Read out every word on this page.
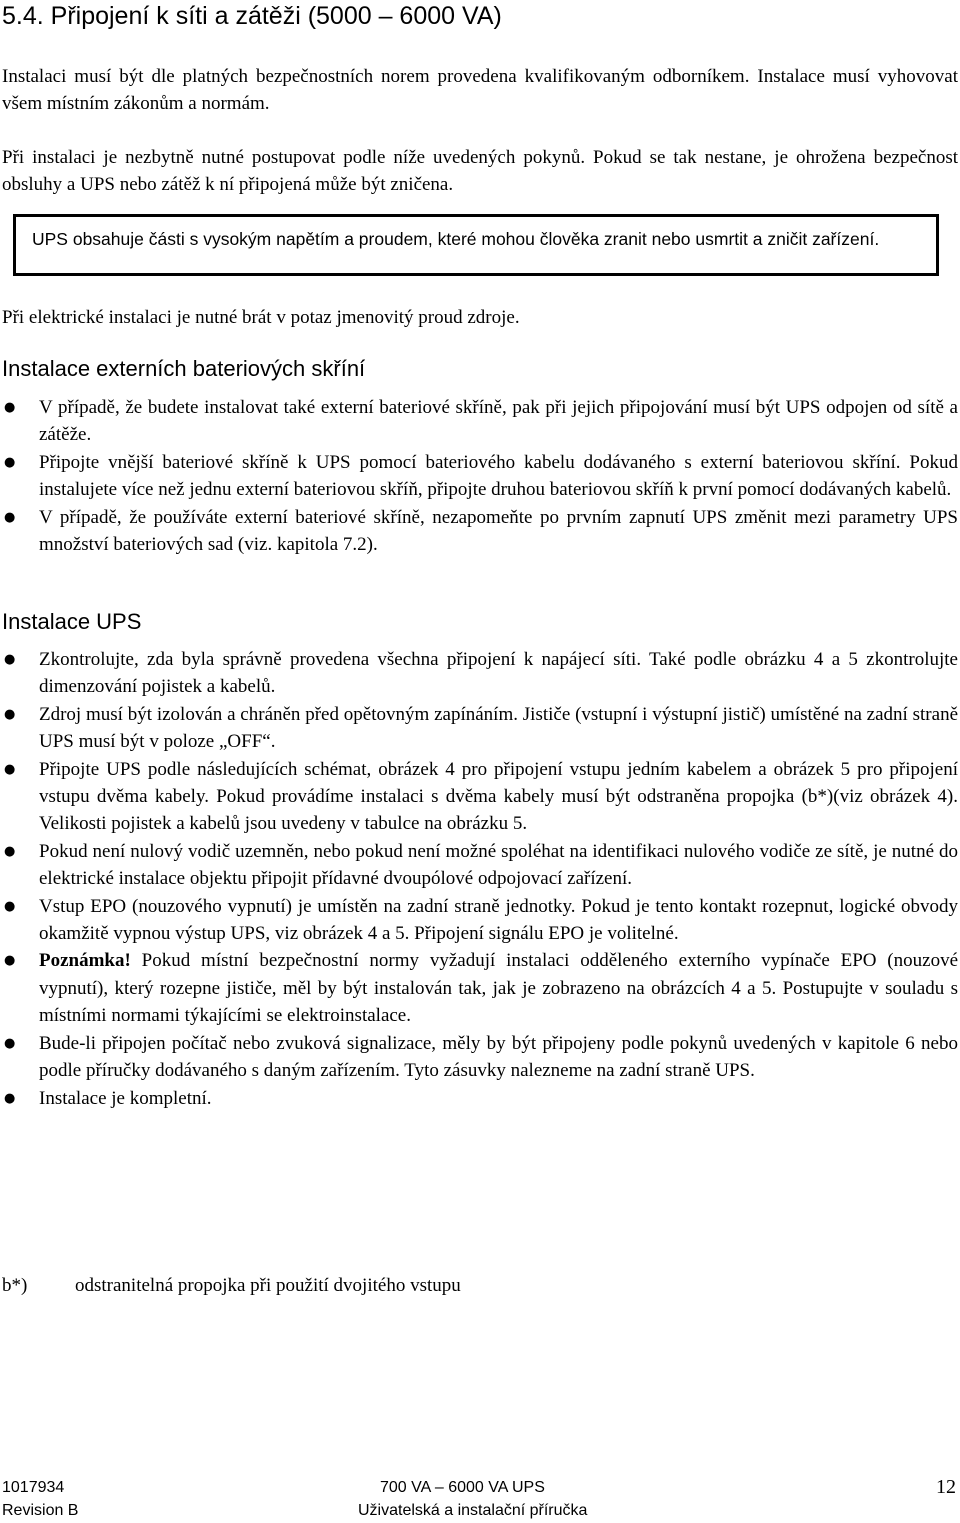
5.4. Připojení k síti a zátěži (5000 – 6000 VA)

Instalaci musí být dle platných bezpečnostních norem provedena kvalifikovaným odborníkem. Instalace musí vyhovovat všem místním zákonům a normám.

Při instalaci je nezbytně nutné postupovat podle níže uvedených pokynů. Pokud se tak nestane, je ohrožena bezpečnost obsluhy a UPS nebo zátěž k ní připojená může být zničena.

UPS obsahuje části s vysokým napětím a proudem, které mohou člověka zranit nebo usmrtit a zničit zařízení.

Při elektrické instalaci je nutné brát v potaz jmenovitý proud zdroje.

Instalace externích bateriových skříní
● V případě, že budete instalovat také externí bateriové skříně, pak při jejich připojování musí být UPS odpojen od sítě a zátěže.
● Připojte vnější bateriové skříně k UPS pomocí bateriového kabelu dodávaného s externí bateriovou skříní. Pokud instalujete více než jednu externí bateriovou skříň, připojte druhou bateriovou skříň k první pomocí dodávaných kabelů.
● V případě, že používáte externí bateriové skříně, nezapomeňte po prvním zapnutí UPS změnit mezi parametry UPS množství bateriových sad (viz. kapitola 7.2).
Instalace UPS
● Zkontrolujte, zda byla správně provedena všechna připojení k napájecí síti. Také podle obrázku 4 a 5 zkontrolujte dimenzování pojistek a kabelů.
● Zdroj musí být izolován a chráněn před opětovným zapínáním. Jističe (vstupní i výstupní jistič) umístěné na zadní straně UPS musí být v poloze „OFF“.
● Připojte UPS podle následujících schémat, obrázek 4 pro připojení vstupu jedním kabelem a obrázek 5 pro připojení vstupu dvěma kabely. Pokud provádíme instalaci s dvěma kabely musí být odstraněna propojka (b*)(viz obrázek 4). Velikosti pojistek a kabelů jsou uvedeny v tabulce na obrázku 5.
● Pokud není nulový vodič uzemněn, nebo pokud není možné spoléhat na identifikaci nulového vodiče ze sítě, je nutné do elektrické instalace objektu připojit přídavné dvoupólové odpojovací zařízení.
● Vstup EPO (nouzového vypnutí) je umístěn na zadní straně jednotky. Pokud je tento kontakt rozepnut, logické obvody okamžitě vypnou výstup UPS, viz obrázek 4 a 5. Připojení signálu EPO je volitelné.
● Poznámka! Pokud místní bezpečnostní normy vyžadují instalaci odděleného externího vypínače EPO (nouzové vypnutí), který rozepne jističe, měl by být instalován tak, jak je zobrazeno na obrázcích 4 a 5. Postupujte v souladu s místními normami týkajícími se elektroinstalace.
● Bude-li připojen počítač nebo zvuková signalizace, měly by být připojeny podle pokynů uvedených v kapitole 6 nebo podle příručky dodávaného s daným zařízením. Tyto zásuvky nalezneme na zadní straně UPS.
● Instalace je kompletní.
b*)	odstranitelná propojka při použití dvojitého vstupu
1017934
Revision B
700 VA – 6000 VA UPS
Uživatelská a instalační příručka
12
